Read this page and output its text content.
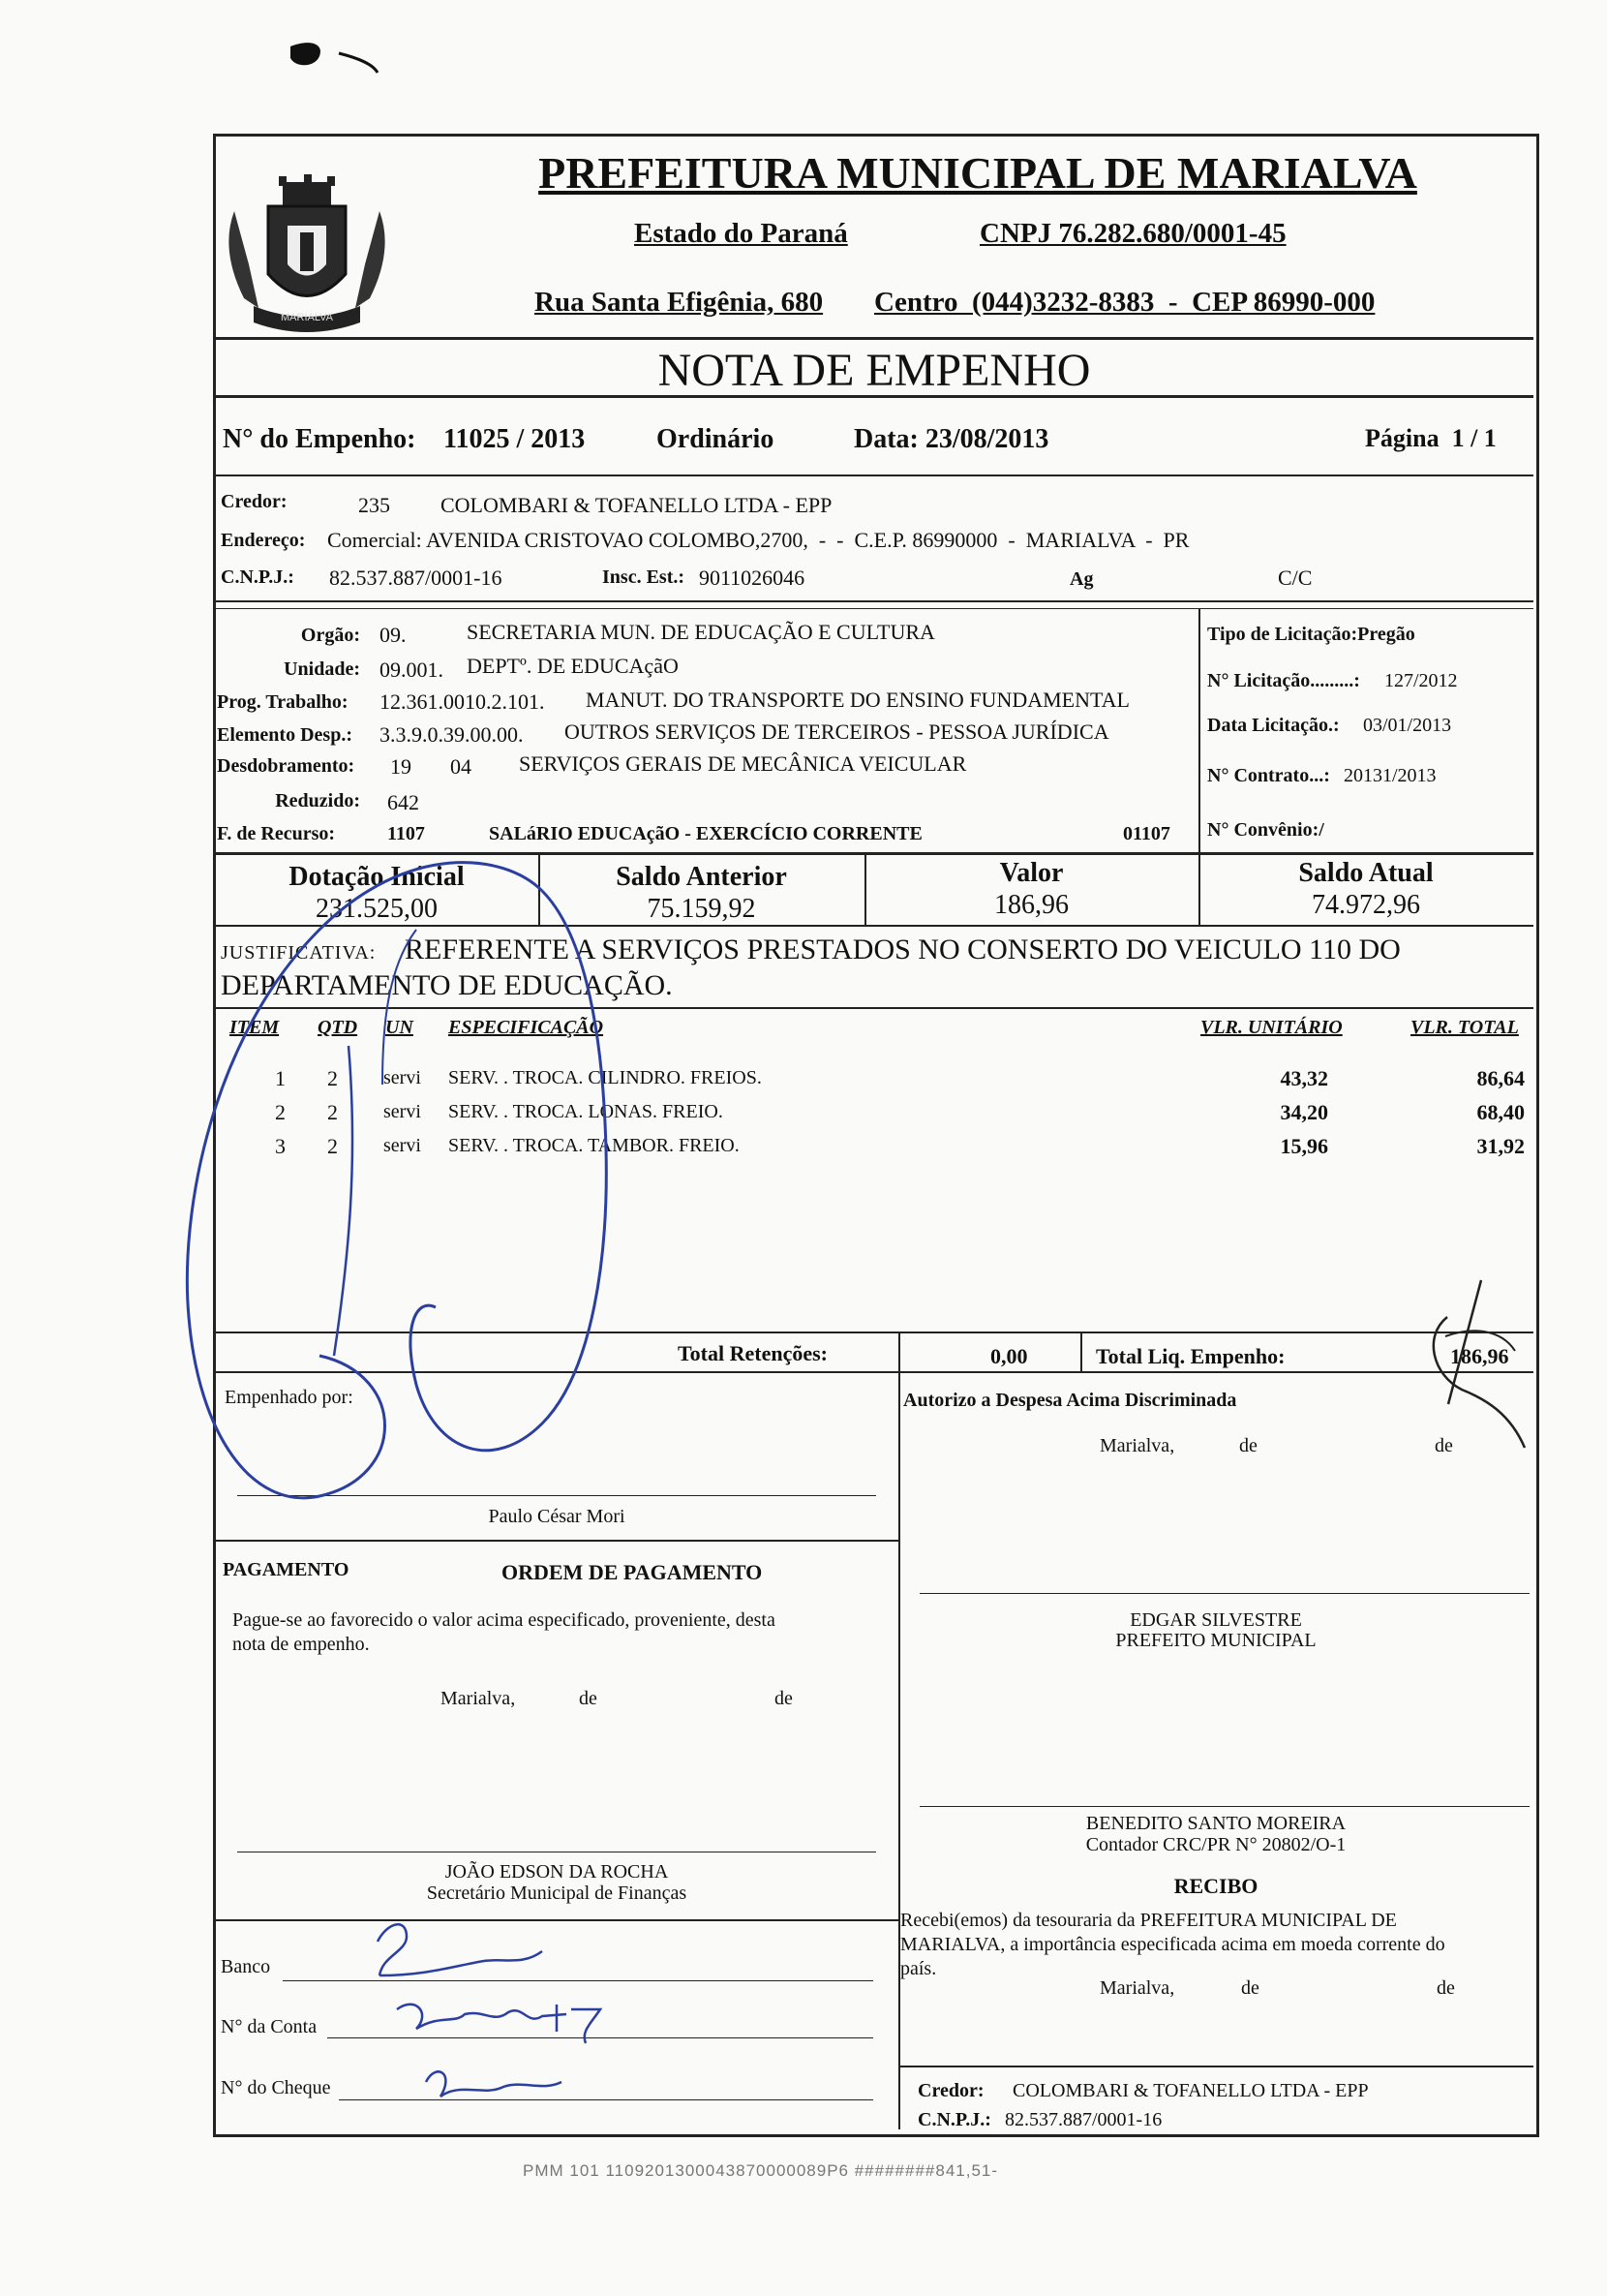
MARIALVA
PREFEITURA MUNICIPAL DE MARIALVA
Estado do Paraná	CNPJ 76.282.680/0001-45
Rua Santa Efigênia, 680 Centro  (044)3232-8383  -  CEP 86990-000
NOTA DE EMPENHO
N° do Empenho: 11025 / 2013	Ordinário	Data: 23/08/2013	Página  1 / 1
Credor:	235 COLOMBARI & TOFANELLO LTDA - EPP
Endereço: Comercial: AVENIDA CRISTOVAO COLOMBO,2700,  -  -  C.E.P. 86990000  -  MARIALVA  -  PR
C.N.P.J.: 82.537.887/0001-16	Insc. Est.: 9011026046	Ag	C/C
Orgão: 09.	SECRETARIA MUN. DE EDUCAÇÃO E CULTURA
Unidade: 09.001. DEPTº. DE EDUCAçãO
Prog. Trabalho: 12.361.0010.2.101. MANUT. DO TRANSPORTE DO ENSINO FUNDAMENTAL
Elemento Desp.: 3.3.9.0.39.00.00. OUTROS SERVIÇOS DE TERCEIROS - PESSOA JURÍDICA
Desdobramento: 19 04 SERVIÇOS GERAIS DE MECÂNICA VEICULAR
Reduzido: 642
F. de Recurso:	1107	SALáRIO EDUCAçãO - EXERCÍCIO CORRENTE	01107
Tipo de Licitação:Pregão
N° Licitação.........: 127/2012
Data Licitação.: 03/01/2013
N° Contrato...: 20131/2013
N° Convênio:/
Dotação Inicial
231.525,00
Saldo Anterior
75.159,92
Valor
186,96
Saldo Atual
74.972,96
JUSTIFICATIVA: REFERENTE A SERVIÇOS PRESTADOS NO CONSERTO DO VEICULO 110 DO
DEPARTAMENTO DE EDUCAÇÃO.
ITEM QTD UN ESPECIFICAÇÃO	VLR. UNITÁRIO	VLR. TOTAL
1 2 servi SERV. . TROCA. CILINDRO. FREIOS.	43,32	86,64
2 2 servi SERV. . TROCA. LONAS. FREIO.	34,20	68,40
3 2 servi SERV. . TROCA. TAMBOR. FREIO.	15,96	31,92
Total Retenções:	0,00	Total Liq. Empenho:	186,96
Empenhado por:	Autorizo a Despesa Acima Discriminada
Marialva,	de	de
Paulo César Mori
PAGAMENTO	ORDEM DE PAGAMENTO
Pague-se ao favorecido o valor acima especificado, proveniente, desta
nota de empenho.
Marialva,	de	de
EDGAR SILVESTRE
PREFEITO MUNICIPAL
BENEDITO SANTO MOREIRA
Contador CRC/PR N° 20802/O-1
RECIBO
Recebi(emos) da tesouraria da PREFEITURA MUNICIPAL DE
MARIALVA, a importância especificada acima em moeda corrente do
país.
Marialva,	de	de
JOÃO EDSON DA ROCHA
Secretário Municipal de Finanças
Banco
N° da Conta
N° do Cheque	Credor: COLOMBARI & TOFANELLO LTDA - EPP
C.N.P.J.: 82.537.887/0001-16
PMM 101 1109201300043870000089P6 ########841,51-
